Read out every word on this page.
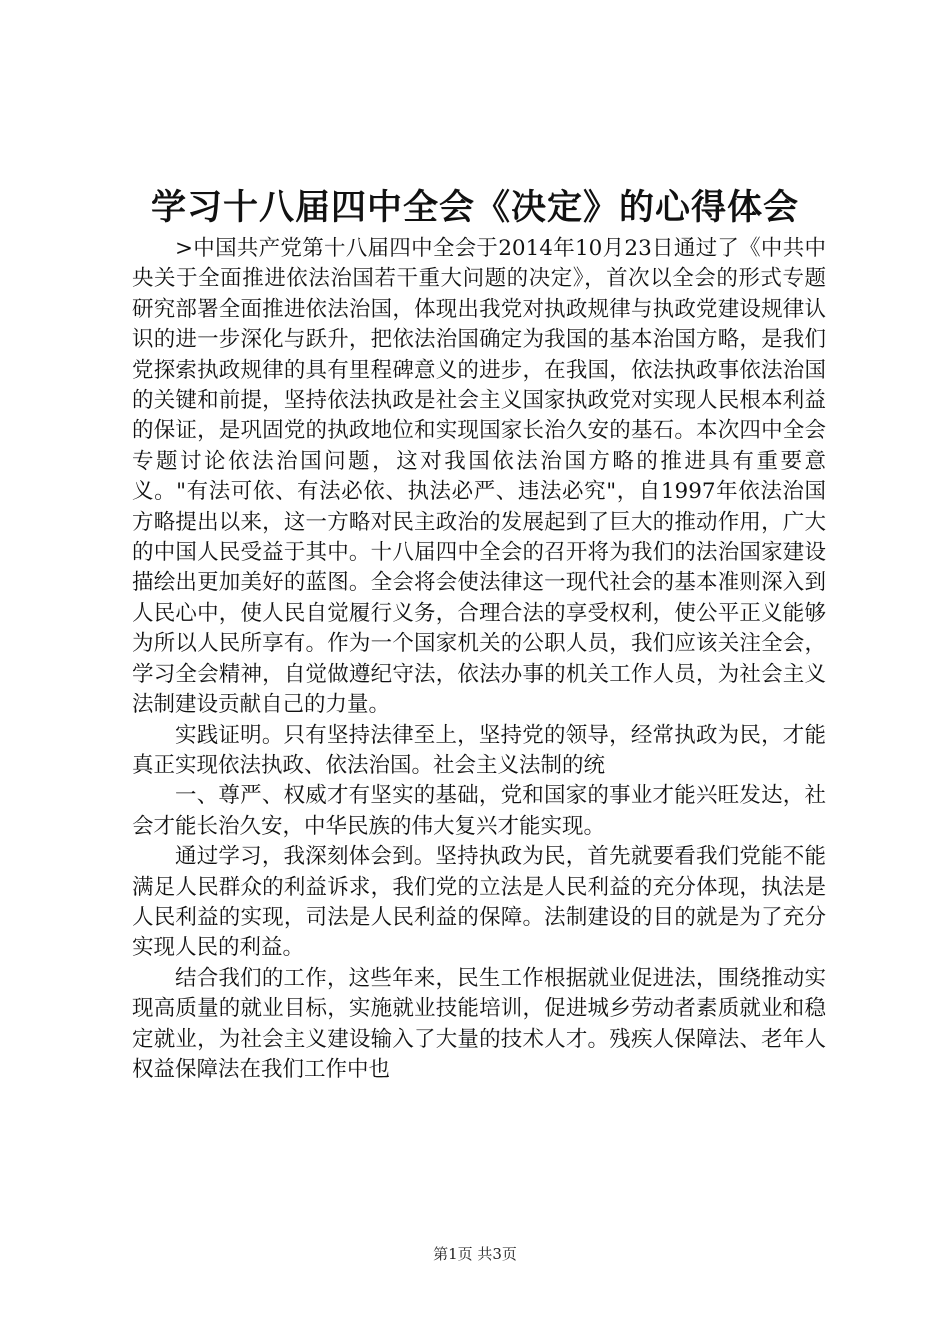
学习十八届四中全会《决定》的心得体会

>中国共产党第十八届四中全会于2014年10月23日通过了《中共中央关于全面推进依法治国若干重大问题的决定》，首次以全会的形式专题研究部署全面推进依法治国，体现出我党对执政规律与执政党建设规律认识的进一步深化与跃升，把依法治国确定为我国的基本治国方略，是我们党探索执政规律的具有里程碑意义的进步，在我国，依法执政事依法治国的关键和前提，坚持依法执政是社会主义国家执政党对实现人民根本利益的保证，是巩固党的执政地位和实现国家长治久安的基石。本次四中全会专题讨论依法治国问题，这对我国依法治国方略的推进具有重要意义。"有法可依、有法必依、执法必严、违法必究"，自1997年依法治国方略提出以来，这一方略对民主政治的发展起到了巨大的推动作用，广大的中国人民受益于其中。十八届四中全会的召开将为我们的法治国家建设描绘出更加美好的蓝图。全会将会使法律这一现代社会的基本准则深入到人民心中，使人民自觉履行义务，合理合法的享受权利，使公平正义能够为所以人民所享有。作为一个国家机关的公职人员，我们应该关注全会，学习全会精神，自觉做遵纪守法，依法办事的机关工作人员，为社会主义法制建设贡献自己的力量。

实践证明。只有坚持法律至上，坚持党的领导，经常执政为民，才能真正实现依法执政、依法治国。社会主义法制的统

一、尊严、权威才有坚实的基础，党和国家的事业才能兴旺发达，社会才能长治久安，中华民族的伟大复兴才能实现。

通过学习，我深刻体会到。坚持执政为民，首先就要看我们党能不能满足人民群众的利益诉求，我们党的立法是人民利益的充分体现，执法是人民利益的实现，司法是人民利益的保障。法制建设的目的就是为了充分实现人民的利益。

结合我们的工作，这些年来，民生工作根据就业促进法，围绕推动实现高质量的就业目标，实施就业技能培训，促进城乡劳动者素质就业和稳定就业，为社会主义建设输入了大量的技术人才。残疾人保障法、老年人权益保障法在我们工作中也

第1页 共3页
